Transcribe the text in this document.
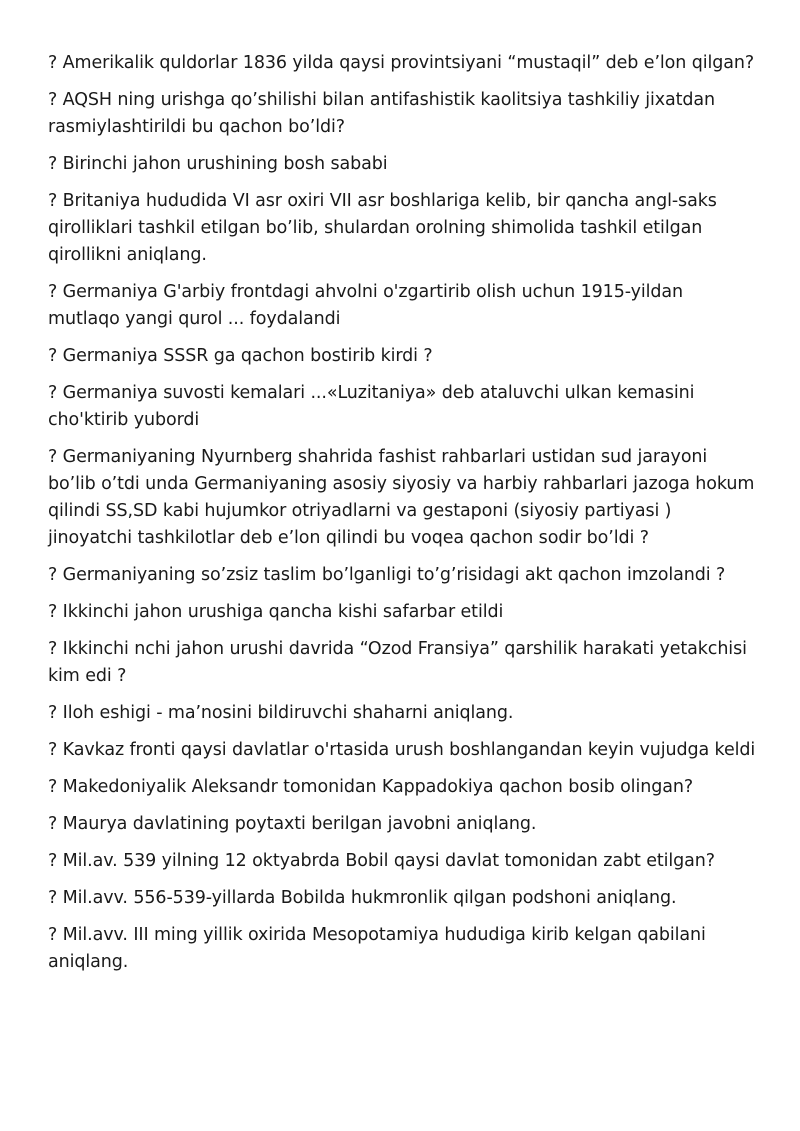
? Amerikalik quldorlar 1836 yilda qaysi provintsiyani “mustaqil” deb e’lon qilgan?

? AQSH ning urishga qo’shilishi bilan antifashistik kaolitsiya tashkiliy jixatdan rasmiylashtirildi bu qachon bo’ldi?

? Birinchi jahon urushining bosh sababi

? Britaniya hududida VI asr oxiri VII asr boshlariga kelib, bir qancha angl-saks qirolliklari tashkil etilgan bo’lib, shulardan orolning shimolida tashkil etilgan qirollikni aniqlang.

? Germaniya G'arbiy frontdagi ahvolni o'zgartirib olish uchun 1915-yildan mutlaqo yangi qurol ... foydalandi

? Germaniya SSSR ga qachon bostirib kirdi ?

? Germaniya suvosti kemalari ...«Luzitaniya» deb ataluvchi ulkan kemasini cho'ktirib yubordi

? Germaniyaning Nyurnberg shahrida fashist rahbarlari ustidan sud jarayoni bo’lib o’tdi unda Germaniyaning asosiy siyosiy va harbiy rahbarlari jazoga hokum qilindi SS,SD kabi hujumkor otriyadlarni va gestaponi (siyosiy partiyasi ) jinoyatchi tashkilotlar deb e’lon qilindi bu voqea qachon sodir bo’ldi ?

? Germaniyaning so’zsiz taslim bo’lganligi to’g’risidagi akt qachon imzolandi ?

? Ikkinchi jahon urushiga qancha kishi safarbar etildi

? Ikkinchi nchi jahon urushi davrida “Ozod Fransiya” qarshilik harakati yetakchisi kim edi ?

? Iloh eshigi - ma’nosini bildiruvchi shaharni aniqlang.

? Kavkaz fronti qaysi davlatlar o'rtasida urush boshlangandan keyin vujudga keldi

? Makedoniyalik Aleksandr tomonidan Kappadokiya qachon bosib olingan?

? Maurya davlatining poytaxti berilgan javobni aniqlang.

? Mil.av. 539 yilning 12 oktyabrda Bobil qaysi davlat tomonidan zabt etilgan?

? Mil.avv. 556-539-yillarda Bobilda hukmronlik qilgan podshoni aniqlang.

? Mil.avv. III ming yillik oxirida Mesopotamiya hududiga kirib kelgan qabilani aniqlang.
